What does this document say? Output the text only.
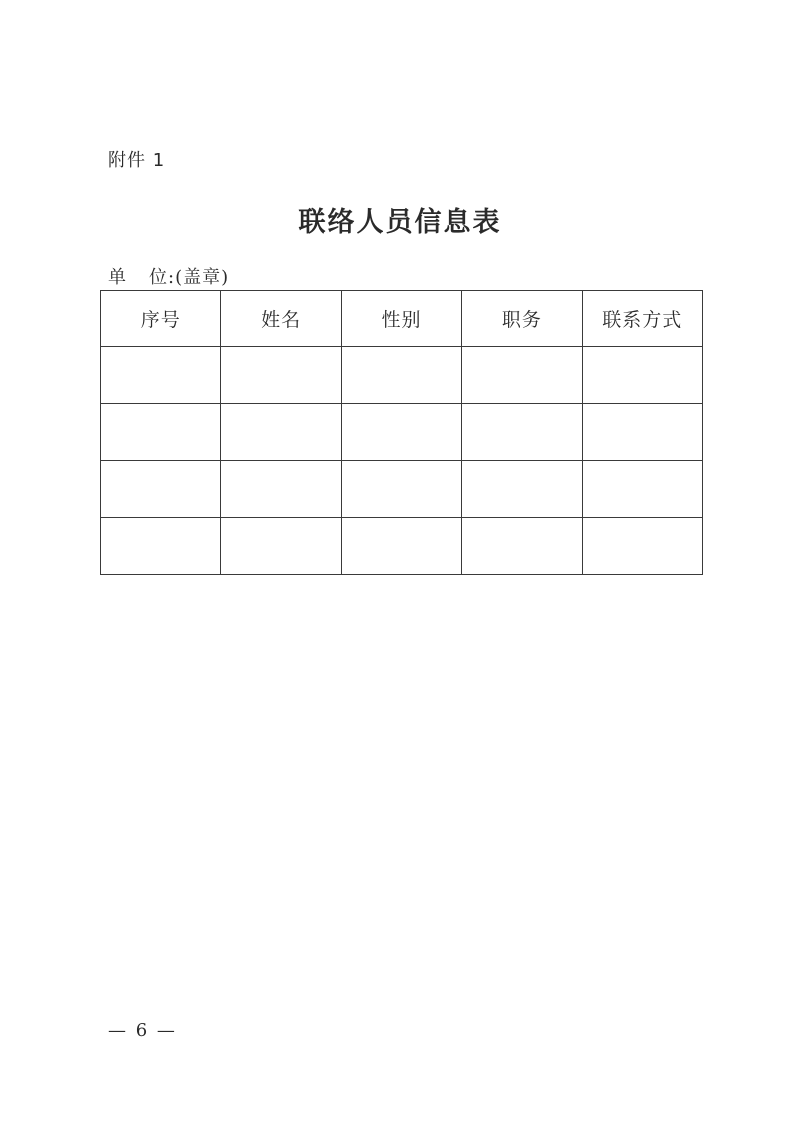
附件 1
联络人员信息表
单 位:(盖章)
序号	姓名	性别	职务	联系方式

— 6 —
